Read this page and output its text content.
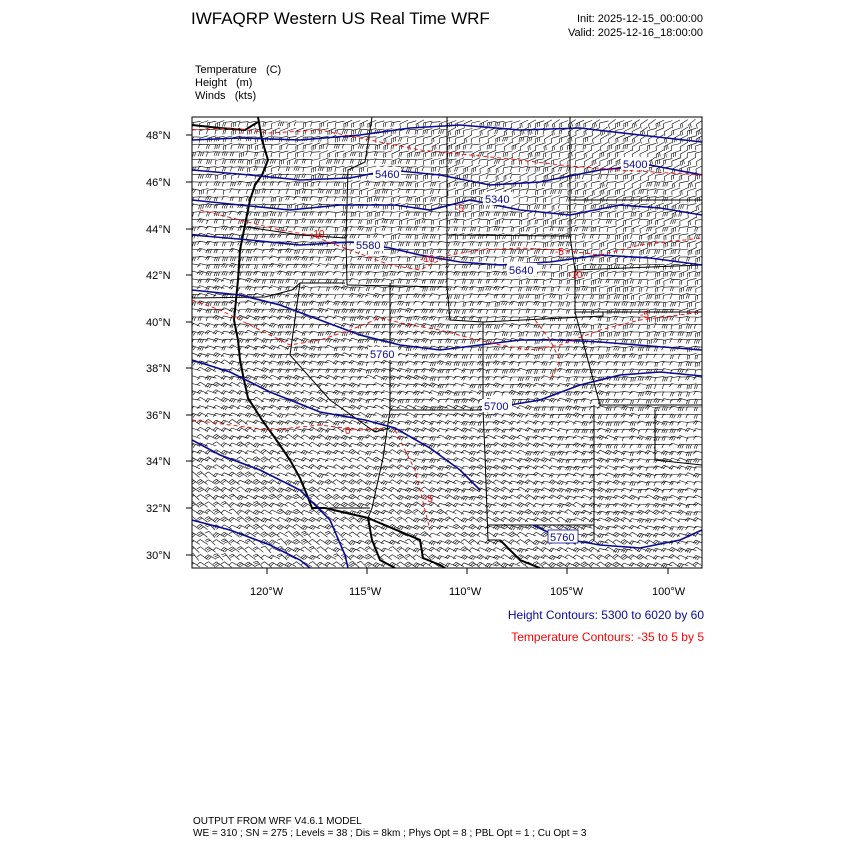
IWFAQRP Western US Real Time WRF	Init: 2025-12-15_00:00:00
Valid: 2025-12-16_18:00:00
Temperature (C)
Height (m)
Winds (kts)
5400
5460
5340
5580
5640
5760
5700
5760
-10
-5
-5
-10
-10
0
-5
-5
48°N
46°N
44°N
42°N
40°N
38°N
36°N
34°N
32°N
30°N
120°W	115°W	110°W	105°W	100°W
Height Contours: 5300 to 6020 by 60
Temperature Contours: -35 to 5 by 5
OUTPUT FROM WRF V4.6.1 MODEL
WE = 310 ; SN = 275 ; Levels = 38 ; Dis = 8km ; Phys Opt = 8 ; PBL Opt = 1 ; Cu Opt = 3
